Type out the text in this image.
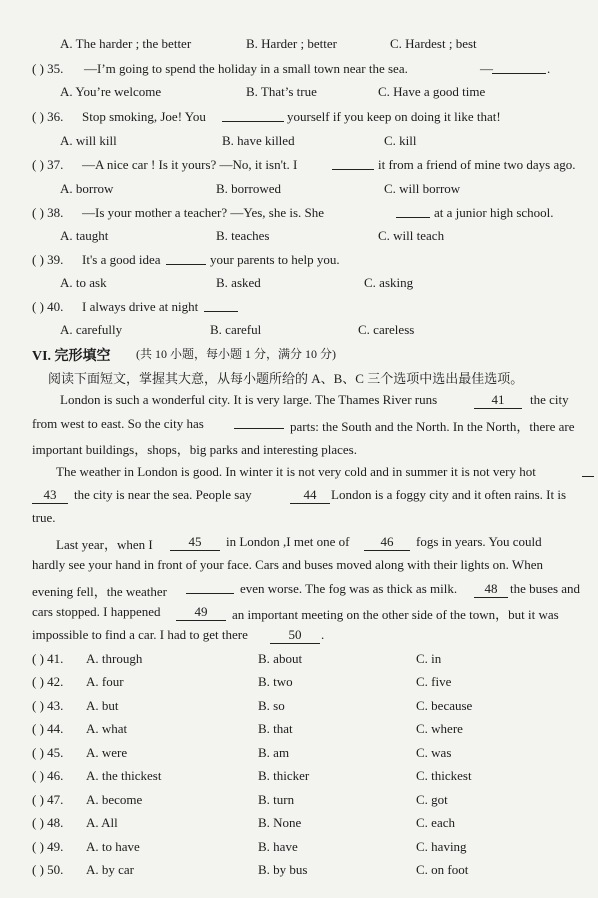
A. The harder ; the better	B. Harder ; better	C. Hardest ; best
( ) 35. —I’m going to spend the holiday in a small town near the sea.	—	.
A. You’re welcome	B. That’s true	C. Have a good time
( ) 36. Stop smoking, Joe! You	yourself if you keep on doing it like that!
A. will kill	B. have killed	C. kill
( ) 37. —A nice car ! Is it yours? —No, it isn't. I	it from a friend of mine two days ago.
A. borrow	B. borrowed	C. will borrow
( ) 38. —Is your mother a teacher? —Yes, she is. She	at a junior high school.
A. taught	B. teaches	C. will teach
( ) 39. It's a good idea	your parents to help you.
A. to ask	B. asked	C. asking
( ) 40. I always drive at night
A. carefully	B. careful	C. careless
VI. 完形填空 (共 10 小题，每小题 1 分，满分 10 分)
阅读下面短文，掌握其大意，从每小题所给的 A、B、C 三个选项中选出最佳选项。
London is such a wonderful city. It is very large. The Thames River runs	41	the city
from west to east. So the city has	parts: the South and the North. In the North，there are
important buildings，shops，big parks and interesting places.
The weather in London is good. In winter it is not very cold and in summer it is not very hot
43	the city is near the sea. People say	44	London is a foggy city and it often rains. It is
true.
Last year，when I	45	in London ,I met one of	46	fogs in years. You could
hardly see your hand in front of your face. Cars and buses moved along with their lights on. When
evening fell，the weather	even worse. The fog was as thick as milk.	48 the buses and
cars stopped. I happened	49	an important meeting on the other side of the town，but it was
impossible to find a car. I had to get there	50	.
( ) 41. A. through	B. about	C. in
( ) 42. A. four	B. two	C. five
( ) 43. A. but	B. so	C. because
( ) 44. A. what	B. that	C. where
( ) 45. A. were	B. am	C. was
( ) 46. A. the thickest	B. thicker	C. thickest
( ) 47. A. become	B. turn	C. got
( ) 48. A. All	B. None	C. each
( ) 49. A. to have	B. have	C. having
( ) 50. A. by car	B. by bus	C. on foot
